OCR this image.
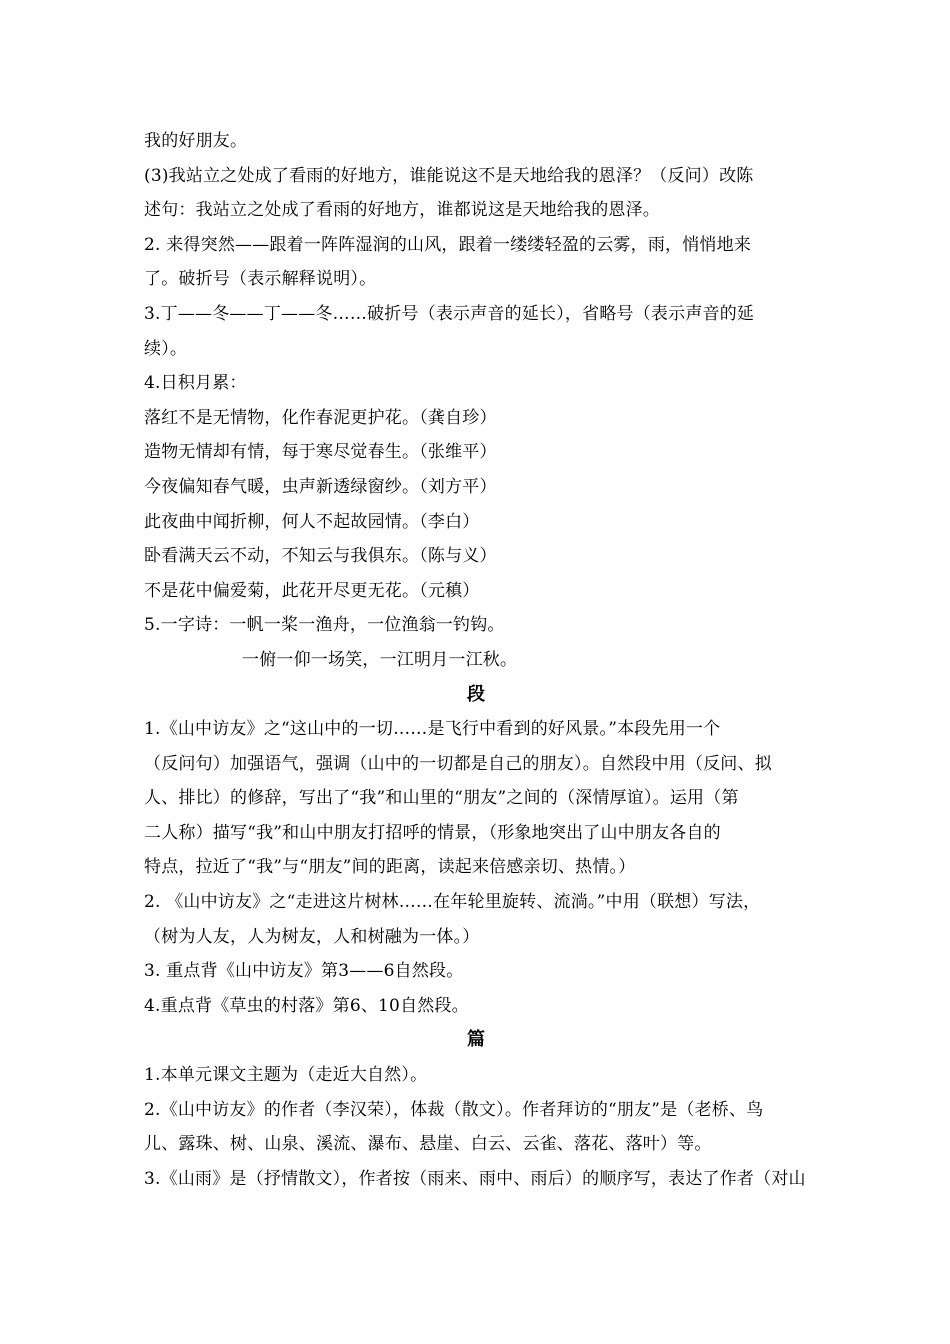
我的好朋友。
(3)我站立之处成了看雨的好地方，谁能说这不是天地给我的恩泽？（反问）改陈
述句：我站立之处成了看雨的好地方，谁都说这是天地给我的恩泽。
2. 来得突然——跟着一阵阵湿润的山风，跟着一缕缕轻盈的云雾，雨，悄悄地来
了。破折号（表示解释说明）。
3.丁——冬——丁——冬……破折号（表示声音的延长），省略号（表示声音的延
续）。
4.日积月累：
落红不是无情物，化作春泥更护花。（龚自珍）
造物无情却有情，每于寒尽觉春生。（张维平）
今夜偏知春气暖，虫声新透绿窗纱。（刘方平）
此夜曲中闻折柳，何人不起故园情。（李白）
卧看满天云不动，不知云与我俱东。（陈与义）
不是花中偏爱菊，此花开尽更无花。（元稹）
5.一字诗：一帆一桨一渔舟，一位渔翁一钓钩。
一俯一仰一场笑，一江明月一江秋。
段
1.《山中访友》之“这山中的一切……是飞行中看到的好风景。”本段先用一个
（反问句）加强语气，强调（山中的一切都是自己的朋友）。自然段中用（反问、拟
人、排比）的修辞，写出了“我”和山里的“朋友”之间的（深情厚谊）。运用（第
二人称）描写“我”和山中朋友打招呼的情景，（形象地突出了山中朋友各自的
特点，拉近了“我”与“朋友”间的距离，读起来倍感亲切、热情。）
2. 《山中访友》之“走进这片树林……在年轮里旋转、流淌。”中用（联想）写法，
（树为人友，人为树友，人和树融为一体。）
3. 重点背《山中访友》第3——6自然段。
4.重点背《草虫的村落》第6、10自然段。
篇
1.本单元课文主题为（走近大自然）。
2.《山中访友》的作者（李汉荣），体裁（散文）。作者拜访的“朋友”是（老桥、鸟
儿、露珠、树、山泉、溪流、瀑布、悬崖、白云、云雀、落花、落叶）等。
3.《山雨》是（抒情散文），作者按（雨来、雨中、雨后）的顺序写，表达了作者（对山
